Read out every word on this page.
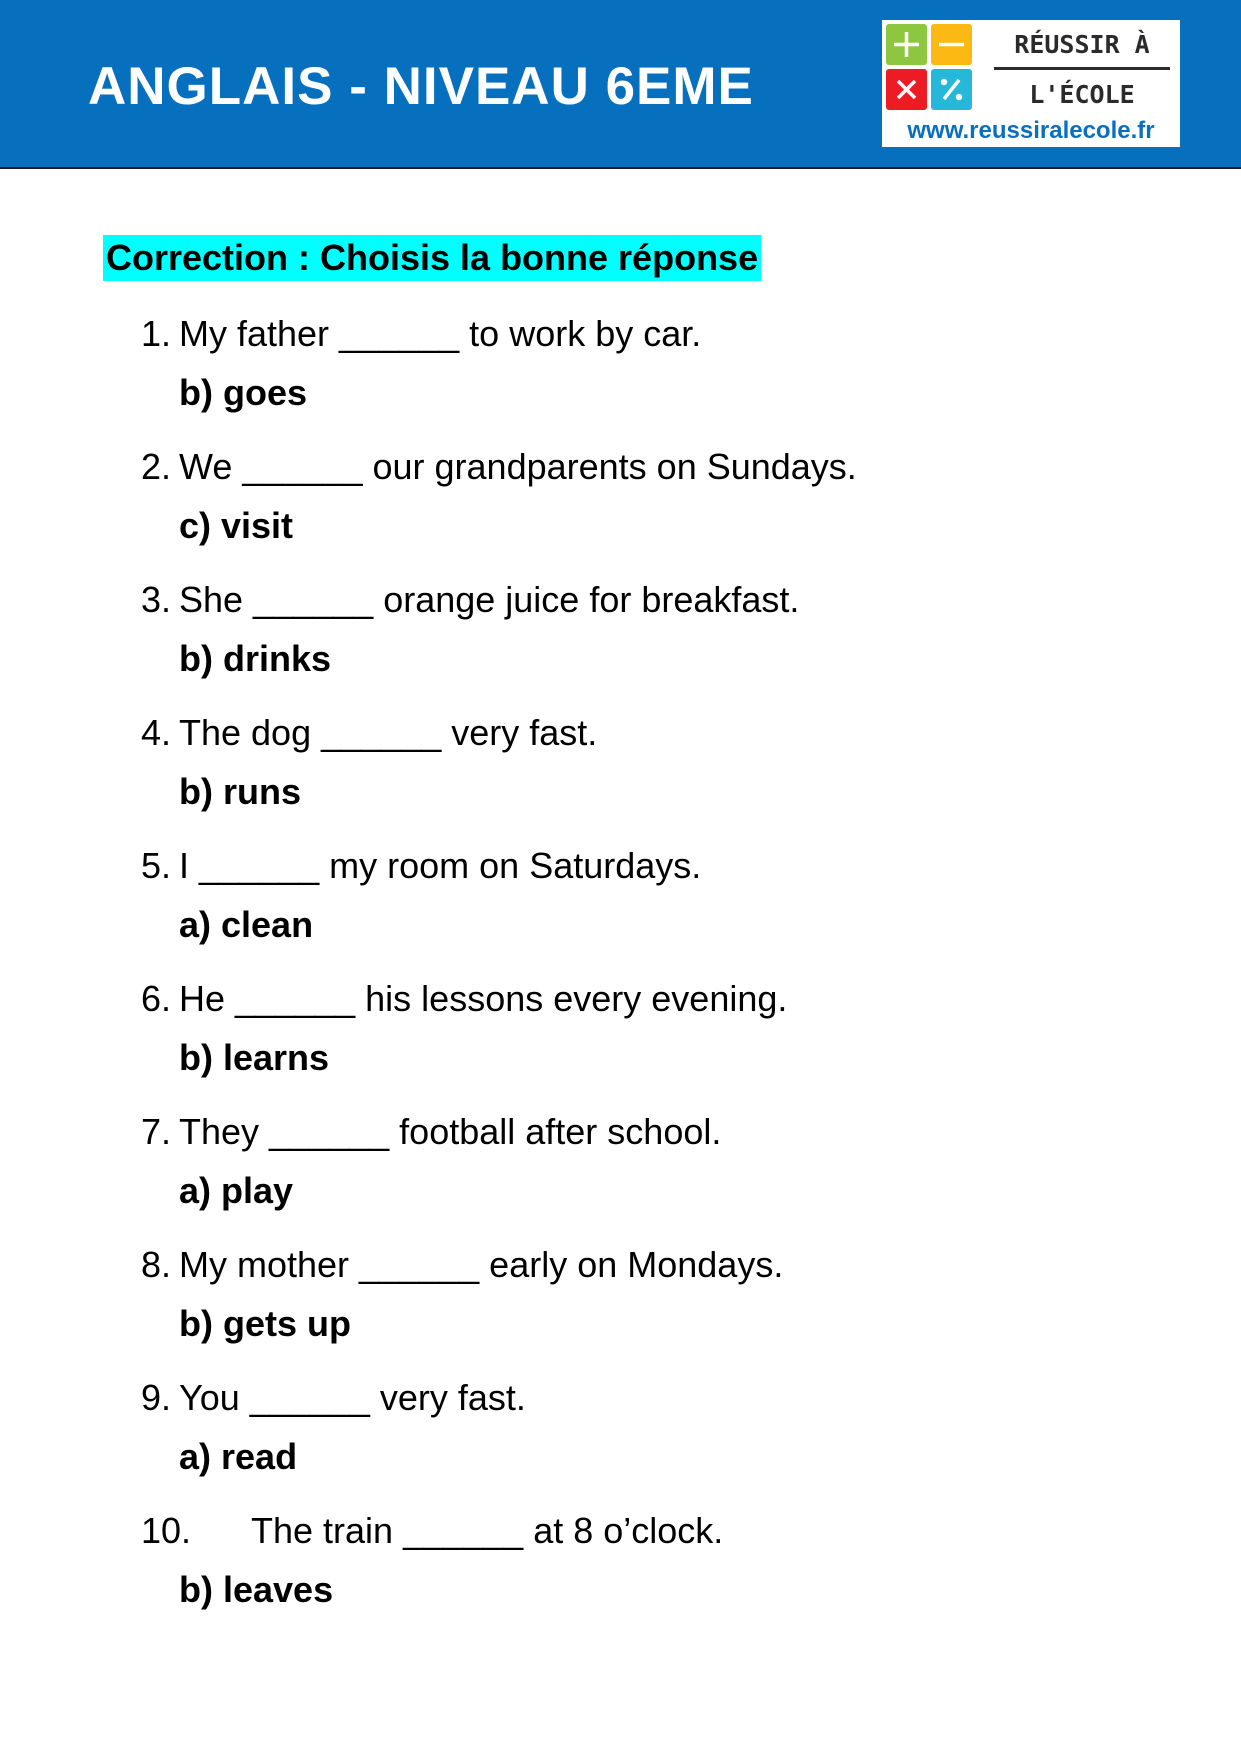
ANGLAIS - NIVEAU 6EME
RÉUSSIR À
L'ÉCOLE
www.reussiralecole.fr
Correction : Choisis la bonne réponse
1. My father ______ to work by car.
b) goes
2. We ______ our grandparents on Sundays.
c) visit
3. She ______ orange juice for breakfast.
b) drinks
4. The dog ______ very fast.
b) runs
5. I ______ my room on Saturdays.
a) clean
6. He ______ his lessons every evening.
b) learns
7. They ______ football after school.
a) play
8. My mother ______ early on Mondays.
b) gets up
9. You ______ very fast.
a) read
10. The train ______ at 8 o’clock.
b) leaves
